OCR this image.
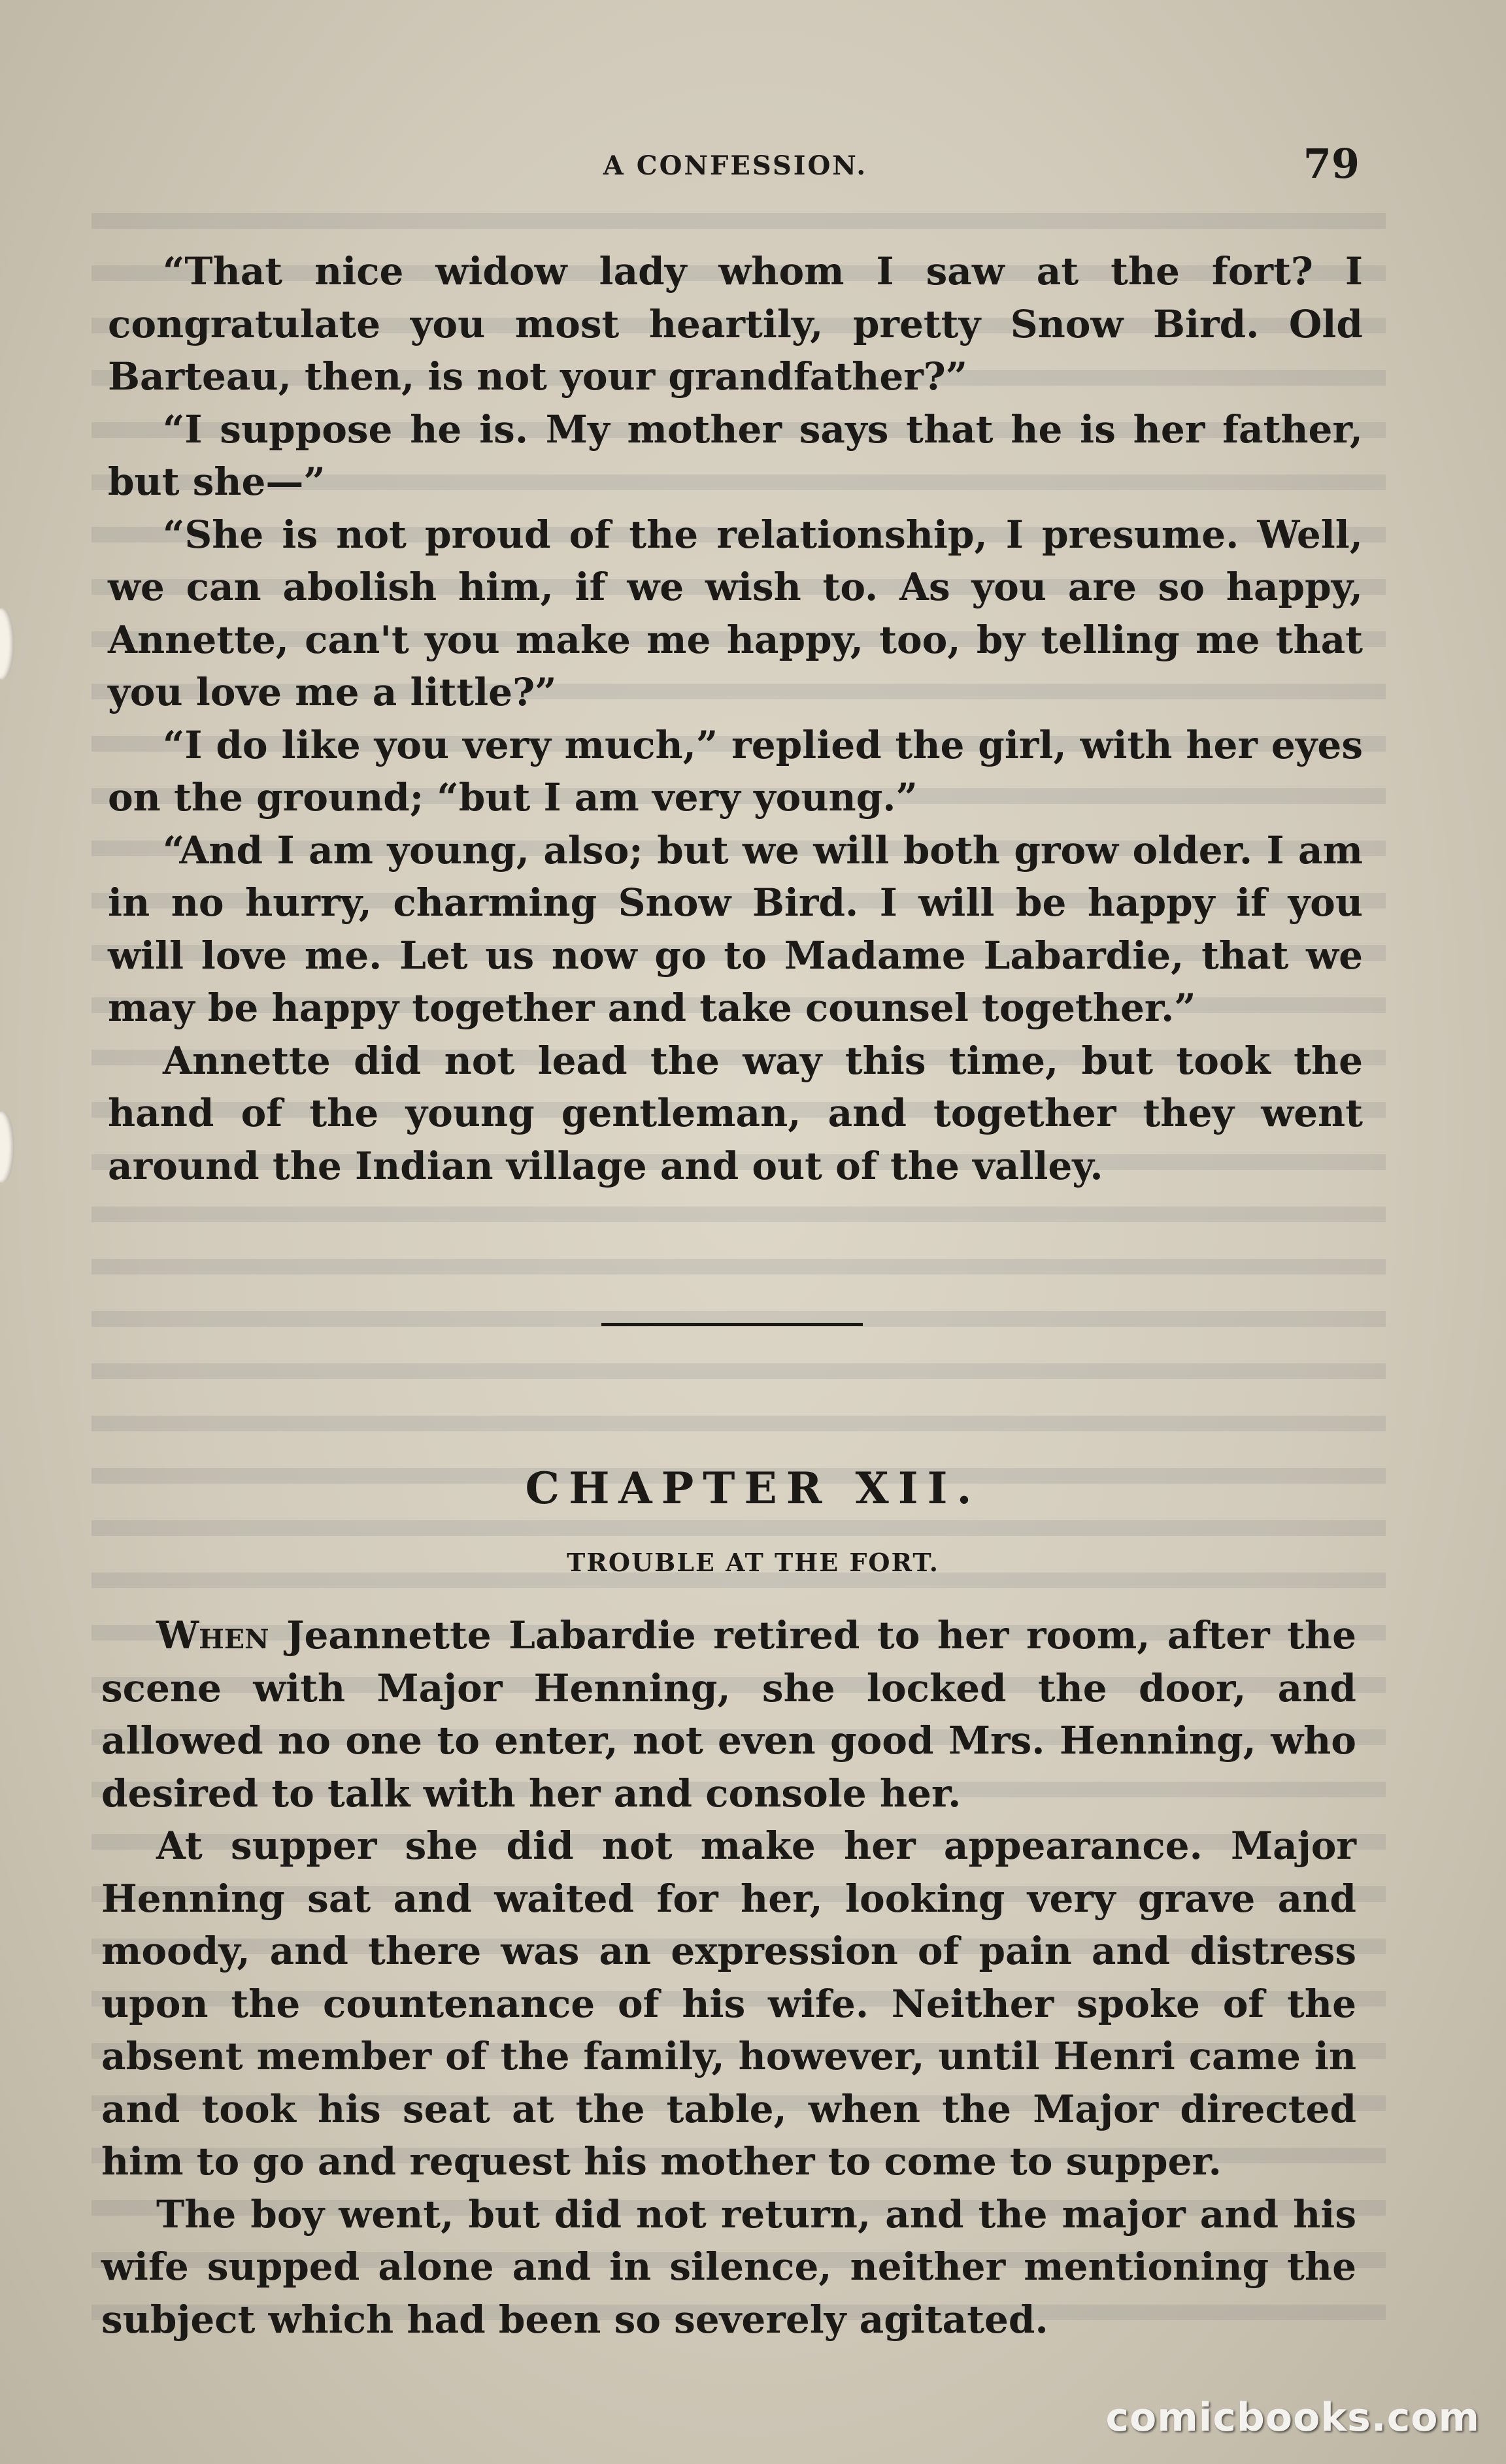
A CONFESSION.	79

“That nice widow lady whom I saw at the fort? I congratulate you most heartily, pretty Snow Bird. Old Barteau, then, is not your grandfather?”

“I suppose he is. My mother says that he is her father, but she—”

“She is not proud of the relationship, I presume. Well, we can abolish him, if we wish to. As you are so happy, Annette, can't you make me happy, too, by telling me that you love me a little?”

“I do like you very much,” replied the girl, with her eyes on the ground; “but I am very young.”

“And I am young, also; but we will both grow older. I am in no hurry, charming Snow Bird. I will be happy if you will love me. Let us now go to Madame Labardie, that we may be happy together and take counsel together.”

Annette did not lead the way this time, but took the hand of the young gentleman, and together they went around the Indian village and out of the valley.

CHAPTER XII.
TROUBLE AT THE FORT.

When Jeannette Labardie retired to her room, after the scene with Major Henning, she locked the door, and allowed no one to enter, not even good Mrs. Henning, who desired to talk with her and console her.

At supper she did not make her appearance. Major Henning sat and waited for her, looking very grave and moody, and there was an expression of pain and distress upon the countenance of his wife. Neither spoke of the absent member of the family, however, until Henri came in and took his seat at the table, when the Major directed him to go and request his mother to come to supper.

The boy went, but did not return, and the major and his wife supped alone and in silence, neither mentioning the subject which had been so severely agitated.

comicbooks.com
